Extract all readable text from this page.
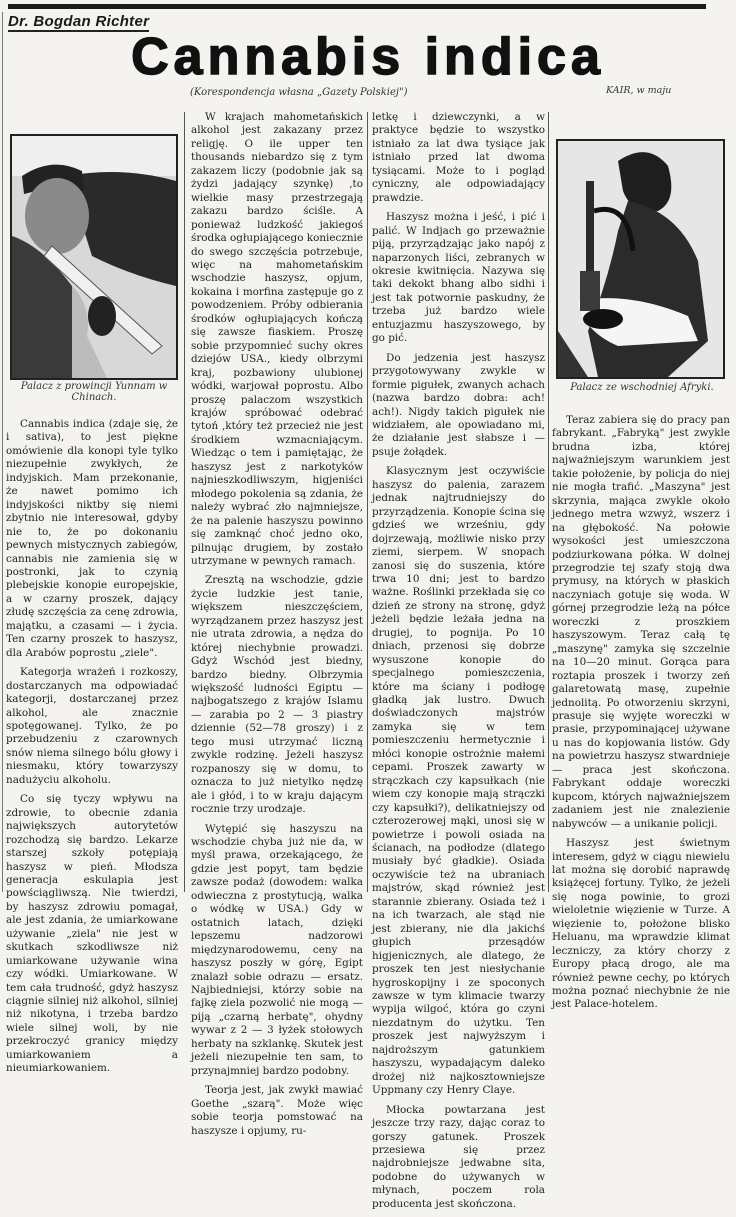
Dr. Bogdan Richter
Cannabis indica
(Korespondencja własna „Gazety Polskiej")	KAIR, w maju
Palacz z prowincji Yunnam w Chinach.
Palacz ze wschodniej Afryki.

Cannabis indica (zdaje się, że i sativa), to jest piękne omówienie dla konopi tyle tylko niezupełnie zwykłych, że indyjskich. Mam przekonanie, że nawet pomimo ich indyjskości niktby się niemi zbytnio nie interesował, gdyby nie to, że po dokonaniu pewnych mistycznych zabiegów, cannabis nie zamienia się w postronki, jak to czynią plebejskie konopie europejskie, a w czarny proszek, dający złudę szczęścia za cenę zdrowia, majątku, a czasami — i życia. Ten czarny proszek to haszysz, dla Arabów poprostu „ziele".

Kategorja wrażeń i rozkoszy, dostarczanych ma odpowiadać kategorji, dostarczanej przez alkohol, ale znacznie spotęgowanej. Tylko, że po przebudzeniu z czarownych snów niema silnego bólu głowy i niesmaku, który towarzyszy nadużyciu alkoholu.

Co się tyczy wpływu na zdrowie, to obecnie zdania największych autorytetów rozchodzą się bardzo. Lekarze starszej szkoły potępiają haszysz w pień. Młodsza generacja eskulapia jest powściągliwszą. Nie twierdzi, by haszysz zdrowiu pomagał, ale jest zdania, że umiarkowane używanie „ziela" nie jest w skutkach szkodliwsze niż umiarkowane używanie wina czy wódki. Umiarkowane. W tem cała trudność, gdyż haszysz ciągnie silniej niż alkohol, silniej niż nikotyna, i trzeba bardzo wiele silnej woli, by nie przekroczyć granicy między umiarkowaniem a nieumiarkowaniem.

W krajach mahometańskich alkohol jest zakazany przez religję. O ile upper ten thousands niebardzo się z tym zakazem liczy (podobnie jak są żydzi jadający szynkę) ,to wielkie masy przestrzegają zakazu bardzo ściśle. A ponieważ ludzkość jakiegoś środka ogłupiającego koniecznie do swego szczęścia potrzebuje, więc na mahometańskim wschodzie haszysz, opjum, kokaina i morfina zastępuje go z powodzeniem. Próby odbierania środków ogłupiających kończą się zawsze fiaskiem. Proszę sobie przypomnieć suchy okres dziejów USA., kiedy olbrzymi kraj, pozbawiony ulubionej wódki, warjował poprostu. Albo proszę palaczom wszystkich krajów spróbować odebrać tytoń ,który też przecież nie jest środkiem wzmacniającym. Wiedząc o tem i pamiętając, że haszysz jest z narkotyków najnieszkodliwszym, higjeniści młodego pokolenia są zdania, że należy wybrać zło najmniejsze, że na palenie haszyszu powinno się zamknąć choć jedno oko, pilnując drugiem, by zostało utrzymane w pewnych ramach.

Zresztą na wschodzie, gdzie życie ludzkie jest tanie, większem nieszczęściem, wyrządzanem przez haszysz jest nie utrata zdrowia, a nędza do której niechybnie prowadzi. Gdyż Wschód jest biedny, bardzo biedny. Olbrzymia większość ludności Egiptu — najbogatszego z krajów Islamu — zarabia po 2 — 3 piastry dziennie (52—78 groszy) i z tego musi utrzymać liczną zwykle rodzinę. Jeżeli haszysz rozpanoszy się w domu, to oznacza to już nietylko nędzę ale i głód, i to w kraju dającym rocznie trzy urodzaje.

Wytępić się haszyszu na wschodzie chyba już nie da, w myśl prawa, orzekającego, że gdzie jest popyt, tam będzie zawsze podaż (dowodem: walka odwieczna z prostytucją, walka o wódkę w USA.) Gdy w ostatnich latach, dzięki lepszemu nadzorowi międzynarodowemu, ceny na haszysz poszły w górę, Egipt znalazł sobie odrazu — ersatz. Najbiedniejsi, którzy sobie na fajkę ziela pozwolić nie mogą — piją „czarną herbatę", ohydny wywar z 2 — 3 łyżek stołowych herbaty na szklankę. Skutek jest jeżeli niezupełnie ten sam, to przynajmniej bardzo podobny.

Teorja jest, jak zwykł mawiać Goethe „szarą". Może więc sobie teorja pomstować na haszysze i opjumy, ru-

letkę i dziewczynki, a w praktyce będzie to wszystko istniało za lat dwa tysiące jak istniało przed lat dwoma tysiącami. Może to i pogląd cyniczny, ale odpowiadający prawdzie.

Haszysz można i jeść, i pić i palić. W Indjach go przeważnie piją, przyrządzając jako napój z naparzonych liści, zebranych w okresie kwitnięcia. Nazywa się taki dekokt bhang albo sidhi i jest tak potwornie paskudny, że trzeba już bardzo wiele entuzjazmu haszyszowego, by go pić.

Do jedzenia jest haszysz przygotowywany zwykle w formie pigułek, zwanych achach (nazwa bardzo dobra: ach! ach!). Nigdy takich pigułek nie widziałem, ale opowiadano mi, że działanie jest słabsze i — psuje żołądek.

Klasycznym jest oczywiście haszysz do palenia, zarazem jednak najtrudniejszy do przyrządzenia. Konopie ścina się gdzieś we wrześniu, gdy dojrzewają, możliwie nisko przy ziemi, sierpem. W snopach zanosi się do suszenia, które trwa 10 dni; jest to bardzo ważne. Roślinki przekłada się co dzień ze strony na stronę, gdyż jeżeli będzie leżała jedna na drugiej, to pognija. Po 10 dniach, przenosi się dobrze wysuszone konopie do specjalnego pomieszczenia, które ma ściany i podłogę gładką jak lustro. Dwuch doświadczonych majstrów zamyka się w tem pomieszczeniu hermetycznie i młóci konopie ostrożnie małemi cepami. Proszek zawarty w strączkach czy kapsułkach (nie wiem czy konopie mają strączki czy kapsułki?), delikatniejszy od czterozerowej mąki, unosi się w powietrze i powoli osiada na ścianach, na podłodze (dlatego musiały być gładkie). Osiada oczywiście też na ubraniach majstrów, skąd również jest starannie zbierany. Osiada też i na ich twarzach, ale stąd nie jest zbierany, nie dla jakichś głupich przesądów higjenicznych, ale dlatego, że proszek ten jest niesłychanie hygroskopijny i ze spoconych zawsze w tym klimacie twarzy wypija wilgoć, która go czyni niezdatnym do użytku. Ten proszek jest najwyższym i najdroższym gatunkiem haszyszu, wypadającym daleko drożej niż najkosztowniejsze Uppmany czy Henry Claye.

Młocka powtarzana jest jeszcze trzy razy, dając coraz to gorszy gatunek. Proszek przesiewa się przez najdrobniejsze jedwabne sita, podobne do używanych w młynach, poczem rola producenta jest skończona.

Teraz zabiera się do pracy pan fabrykant. „Fabryką" jest zwykle brudna izba, której najważniejszym warunkiem jest takie położenie, by policja do niej nie mogła trafić. „Maszyna" jest skrzynia, mająca zwykle około jednego metra wzwyż, wszerz i na głębokość. Na połowie wysokości jest umieszczona podziurkowana półka. W dolnej przegrodzie tej szafy stoją dwa prymusy, na których w płaskich naczyniach gotuje się woda. W górnej przegrodzie leżą na półce woreczki z proszkiem haszyszowym. Teraz całą tę „maszynę" zamyka się szczelnie na 10—20 minut. Gorąca para roztapia proszek i tworzy zeń galaretowatą masę, zupełnie jednolitą. Po otworzeniu skrzyni, prasuje się wyjęte woreczki w prasie, przypominającej używane u nas do kopjowania listów. Gdy na powietrzu haszysz stwardnieje — praca jest skończona. Fabrykant oddaje woreczki kupcom, których najważniejszem zadaniem jest nie znalezienie nabywców — a unikanie policji.

Haszysz jest świetnym interesem, gdyż w ciągu niewielu lat można się dorobić naprawdę książęcej fortuny. Tylko, że jeżeli się noga powinie, to grozi wieloletnie więzienie w Turze. A więzienie to, położone blisko Heluanu, ma wprawdzie klimat leczniczy, za który chorzy z Europy płacą drogo, ale ma również pewne cechy, po których można poznać niechybnie że nie jest Palace-hotelem.
